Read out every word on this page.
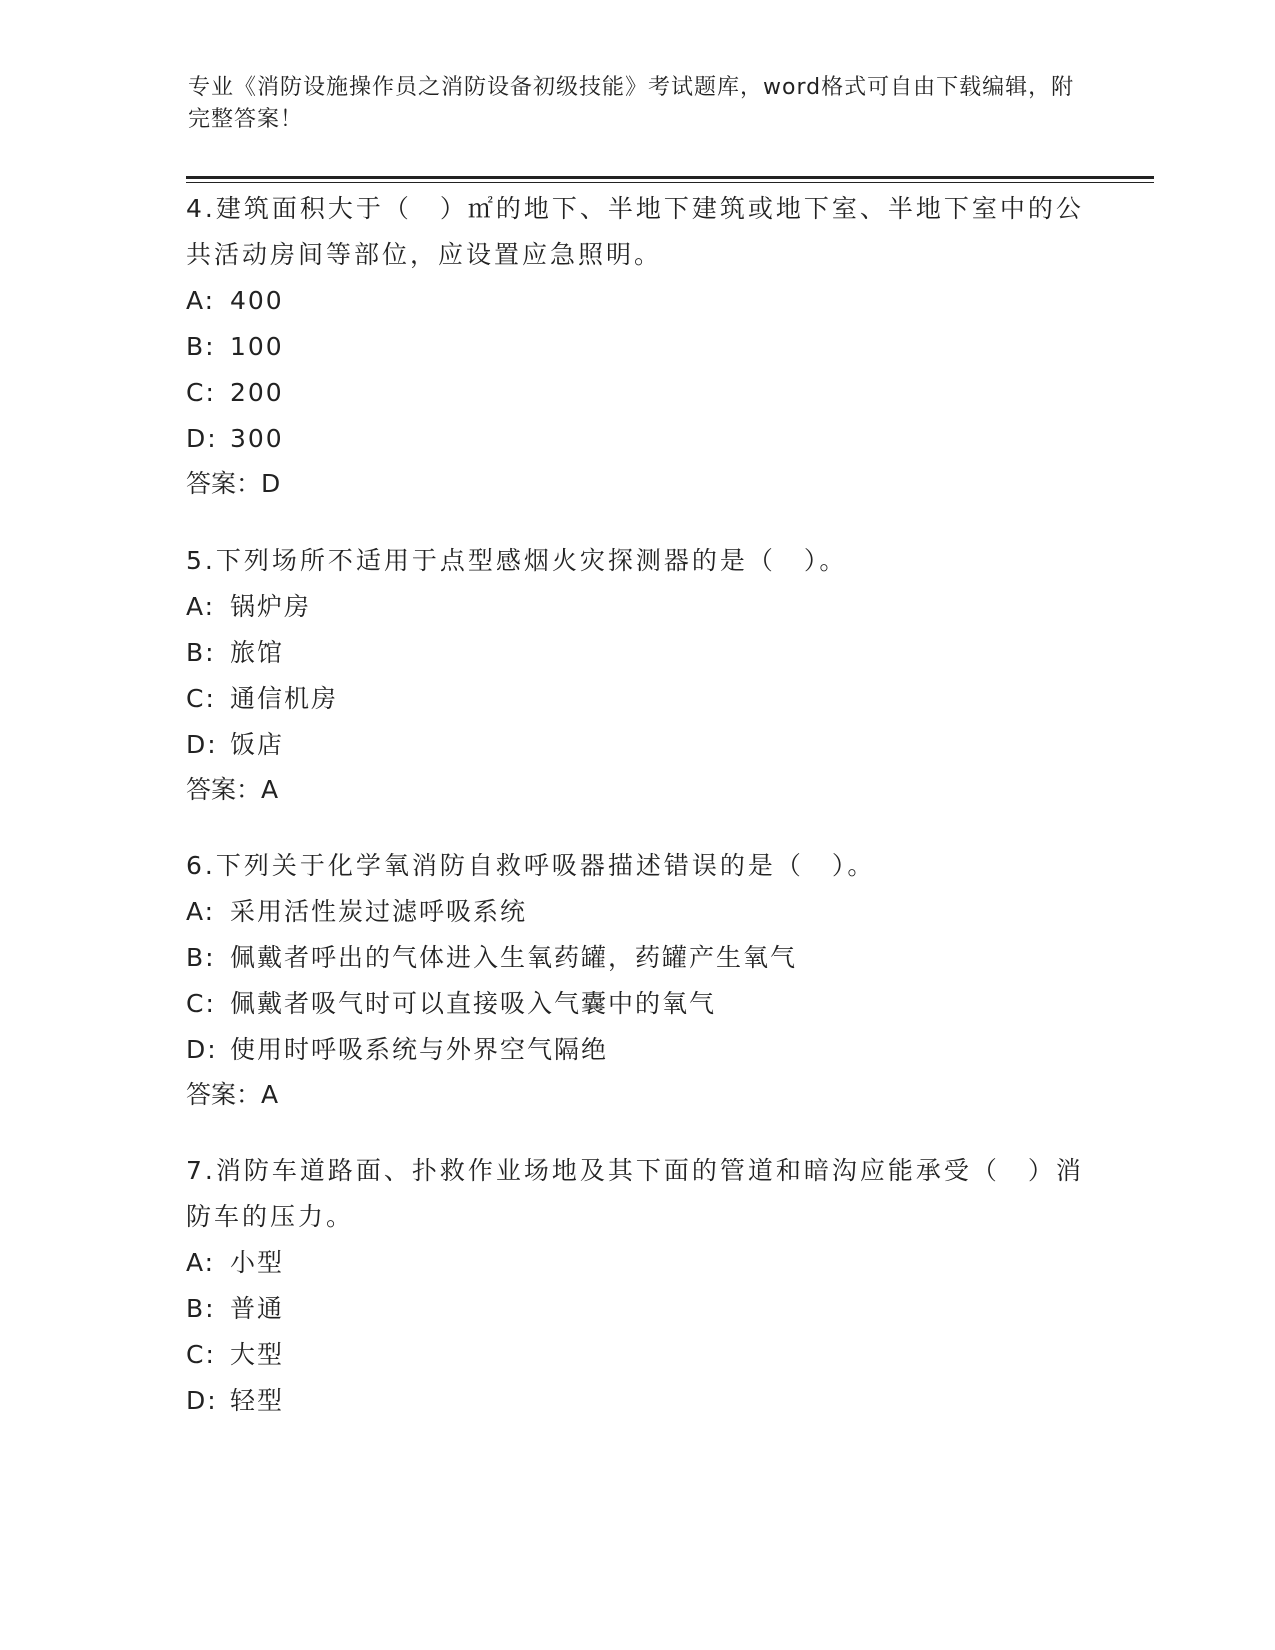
专业《消防设施操作员之消防设备初级技能》考试题库，word格式可自由下载编辑，附完整答案！

4.建筑面积大于（　）㎡的地下、半地下建筑或地下室、半地下室中的公共活动房间等部位，应设置应急照明。

A: 400

B: 100

C: 200

D: 300

答案：D

5.下列场所不适用于点型感烟火灾探测器的是（　）。

A: 锅炉房

B: 旅馆

C: 通信机房

D: 饭店

答案：A

6.下列关于化学氧消防自救呼吸器描述错误的是（　）。

A: 采用活性炭过滤呼吸系统

B: 佩戴者呼出的气体进入生氧药罐，药罐产生氧气

C: 佩戴者吸气时可以直接吸入气囊中的氧气

D: 使用时呼吸系统与外界空气隔绝

答案：A

7.消防车道路面、扑救作业场地及其下面的管道和暗沟应能承受（　）消防车的压力。

A: 小型

B: 普通

C: 大型

D: 轻型
